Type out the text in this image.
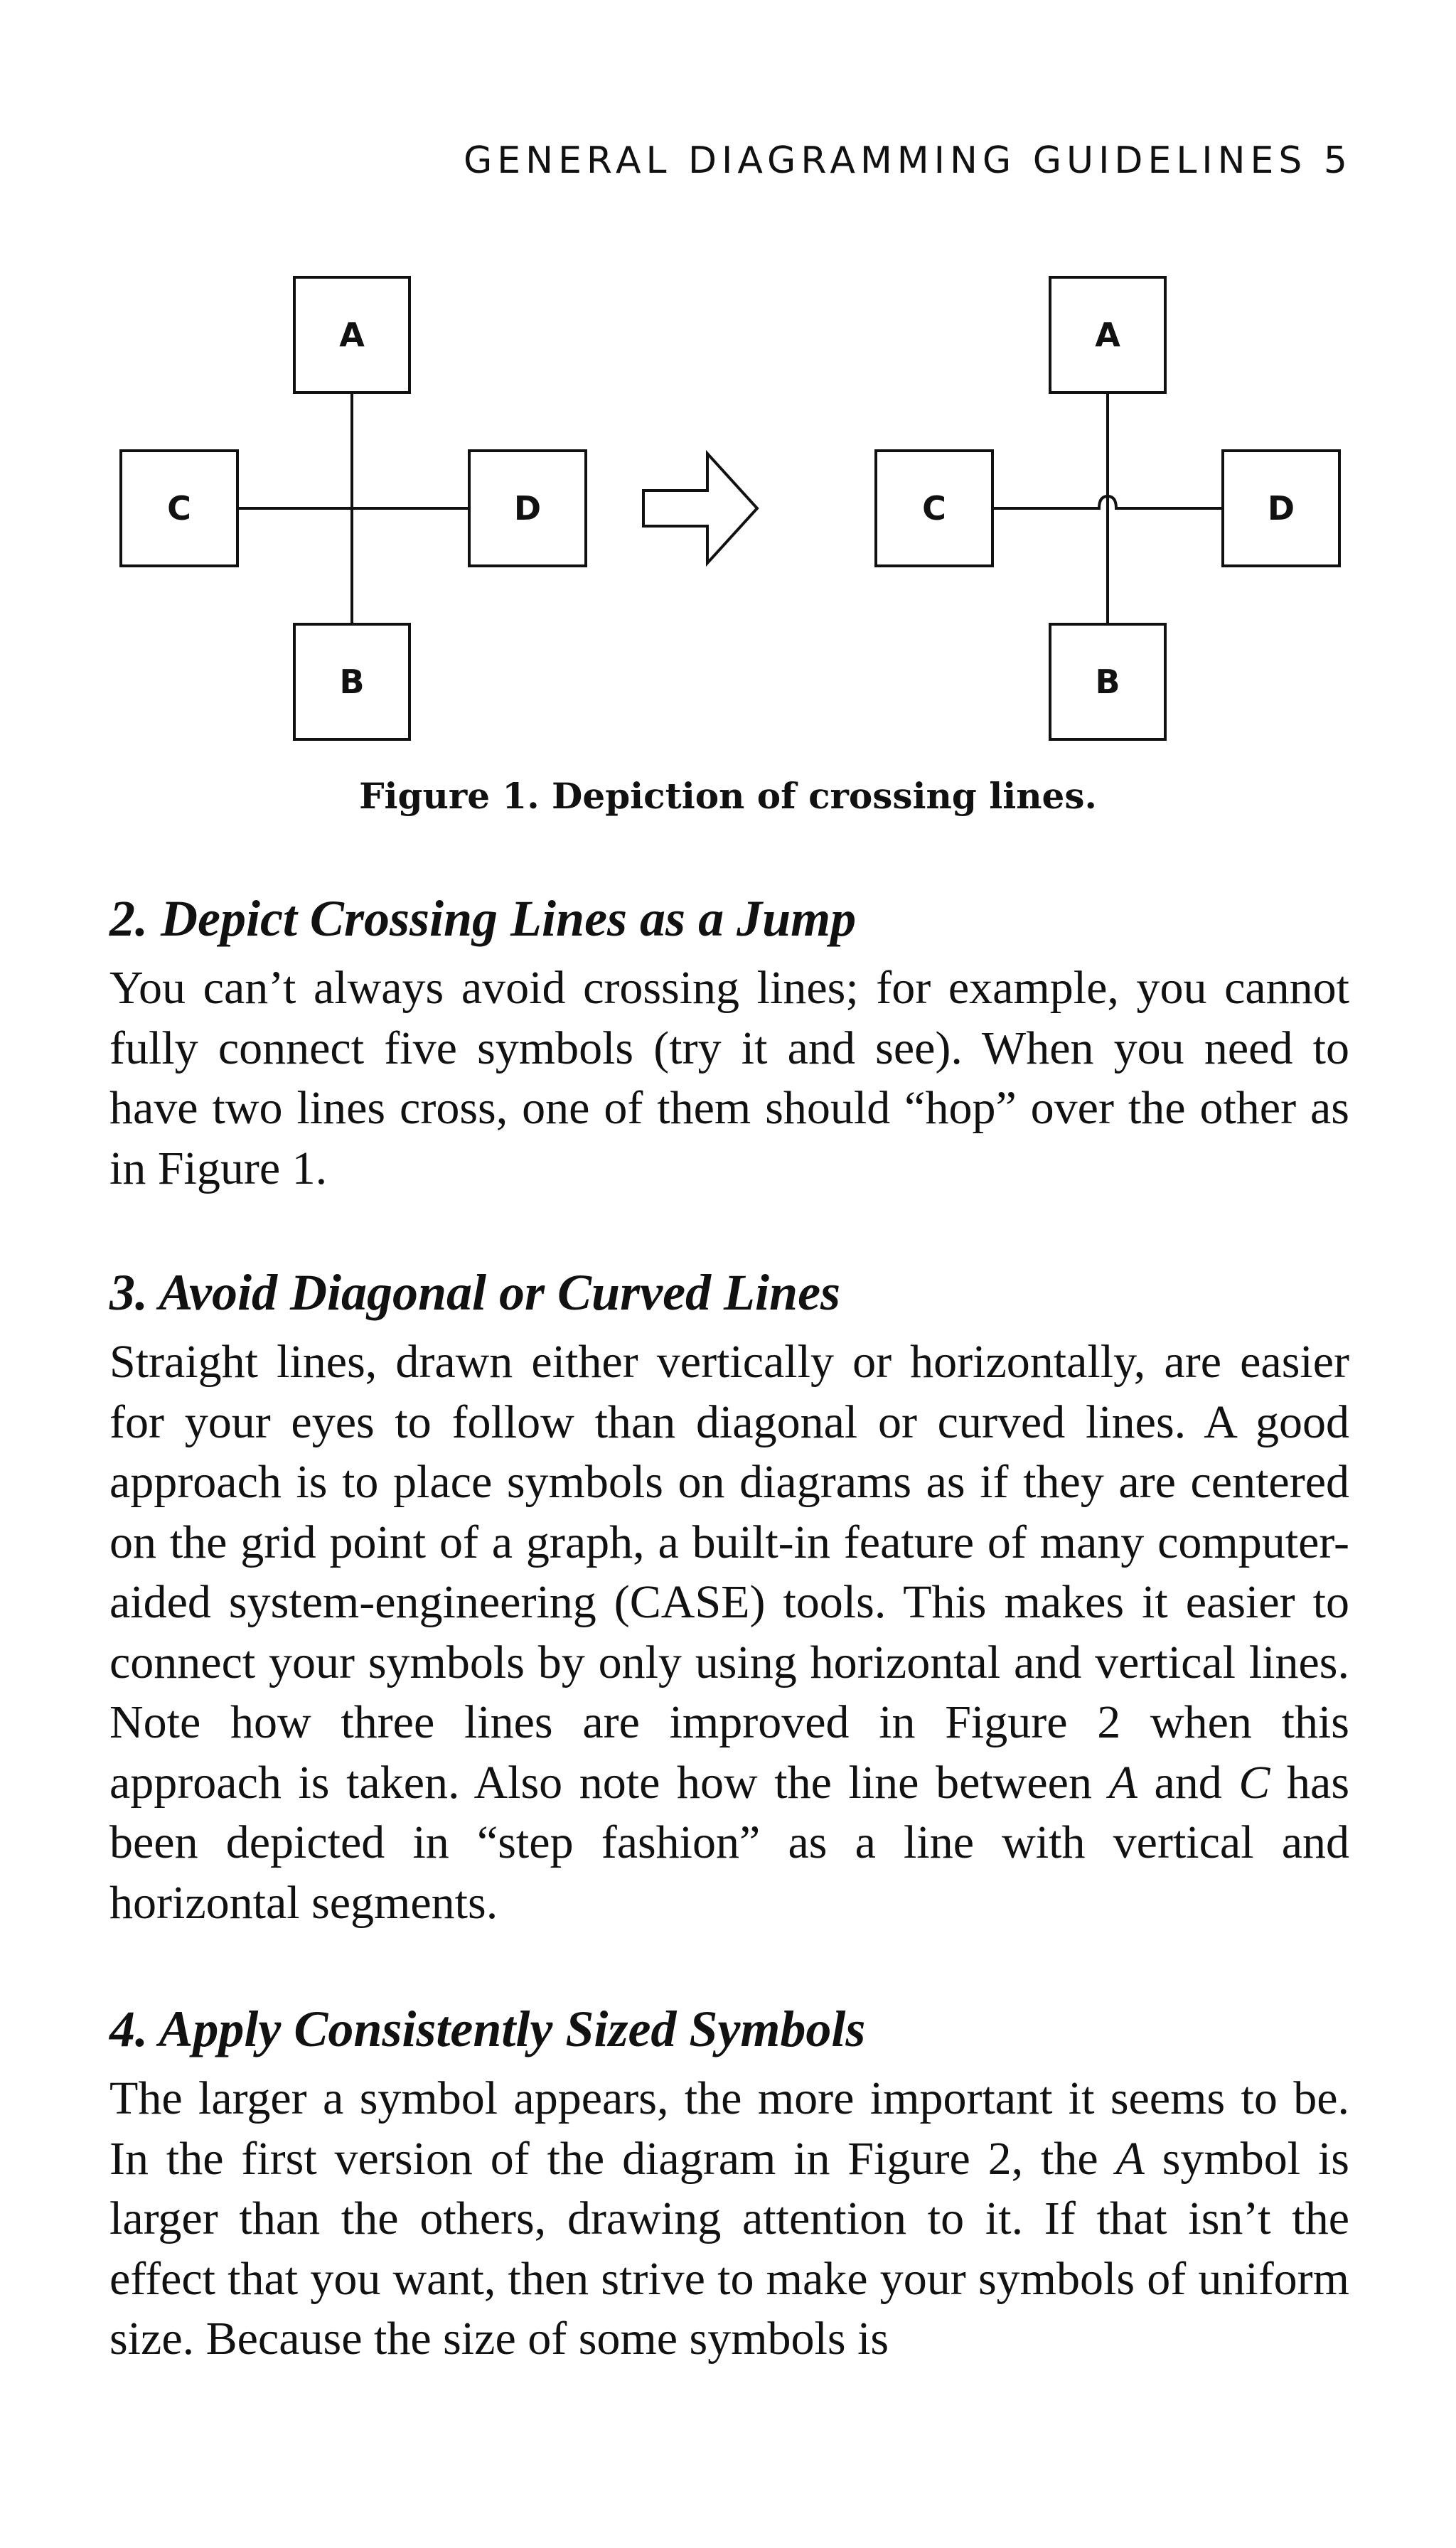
GENERAL DIAGRAMMING GUIDELINES 5
A
B
C	D
A
B
C	D
Figure 1. Depiction of crossing lines.
2. Depict Crossing Lines as a Jump

You can’t always avoid crossing lines; for example, you cannot fully connect five symbols (try it and see). When you need to have two lines cross, one of them should “hop” over the other as in Figure 1.

3. Avoid Diagonal or Curved Lines

Straight lines, drawn either vertically or horizontally, are easier for your eyes to follow than diagonal or curved lines. A good approach is to place symbols on diagrams as if they are centered on the grid point of a graph, a built-in feature of many computer-aided system-engineering (CASE) tools. This makes it easier to connect your symbols by only using horizontal and vertical lines. Note how three lines are improved in Figure 2 when this approach is taken. Also note how the line between A and C has been depicted in “step fashion” as a line with vertical and horizontal segments.

4. Apply Consistently Sized Symbols

The larger a symbol appears, the more important it seems to be. In the first version of the diagram in Figure 2, the A symbol is larger than the others, drawing attention to it. If that isn’t the effect that you want, then strive to make your symbols of uniform size. Because the size of some symbols is
